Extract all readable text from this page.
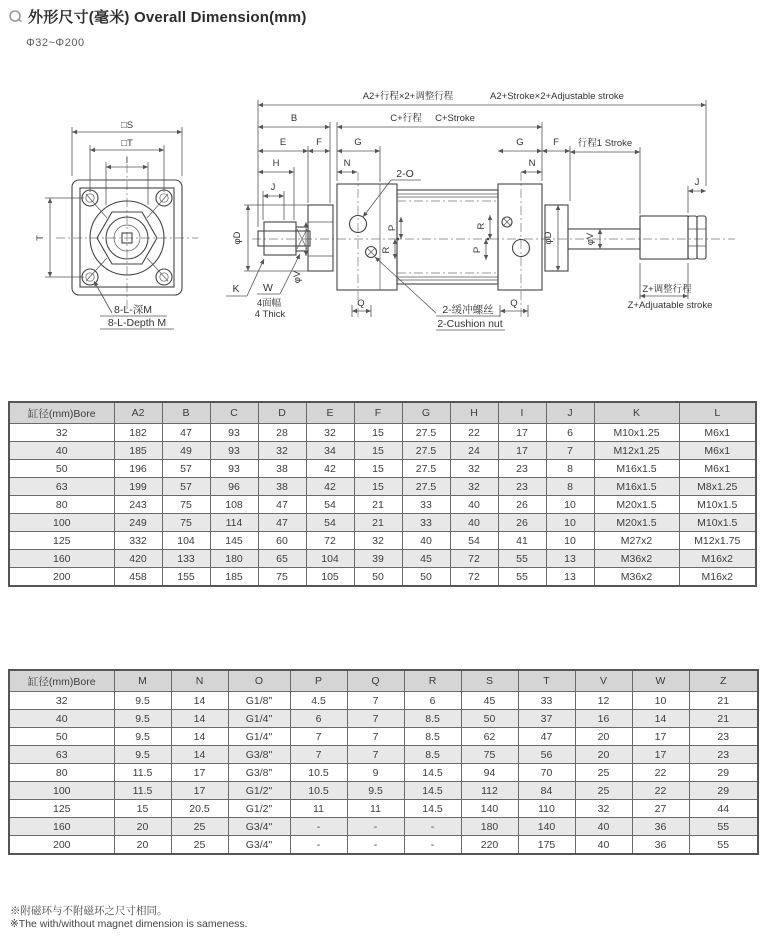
外形尺寸(毫米) Overall Dimension(mm)
Φ32~Φ200
□S
□T
I
T
8-L-深M
8-L-Depth M
A2+行程×2+调整行程	A2+Stroke×2+Adjustable stroke
B	C+行程 C+Stroke
E	F	G	G	F 行程1 Stroke
H	N	N
J	J
φD
φV
φD	φV
P
R
R
P
Q	Q
Z+调整行程
Z+Adjuatable stroke
2-O
2-缓冲螺丝
2-Cushion nut
K W
4面幅
4 Thick
缸径(mm)Bore	A2	B	C	D	E	F	G	H	I	J	K	L
32	182	47	93	28	32	15	27.5	22	17	6	M10x1.25	M6x1
40	185	49	93	32	34	15	27.5	24	17	7	M12x1.25	M6x1
50	196	57	93	38	42	15	27.5	32	23	8	M16x1.5	M6x1
63	199	57	96	38	42	15	27.5	32	23	8	M16x1.5	M8x1.25
80	243	75	108	47	54	21	33	40	26	10	M20x1.5	M10x1.5
100	249	75	114	47	54	21	33	40	26	10	M20x1.5	M10x1.5
125	332	104	145	60	72	32	40	54	41	10	M27x2	M12x1.75
160	420	133	180	65	104	39	45	72	55	13	M36x2	M16x2
200	458	155	185	75	105	50	50	72	55	13	M36x2	M16x2
缸径(mm)Bore	M	N	O	P	Q	R	S	T	V	W	Z
32	9.5	14	G1/8"	4.5	7	6	45	33	12	10	21
40	9.5	14	G1/4"	6	7	8.5	50	37	16	14	21
50	9.5	14	G1/4"	7	7	8.5	62	47	20	17	23
63	9.5	14	G3/8"	7	7	8.5	75	56	20	17	23
80	11.5	17	G3/8"	10.5	9	14.5	94	70	25	22	29
100	11.5	17	G1/2"	10.5	9.5	14.5	112	84	25	22	29
125	15	20.5	G1/2"	11	11	14.5	140	110	32	27	44
160	20	25	G3/4"	-	-	-	180	140	40	36	55
200	20	25	G3/4"	-	-	-	220	175	40	36	55
※附磁环与不附磁环之尺寸相同。
※The with/without magnet dimension is sameness.
